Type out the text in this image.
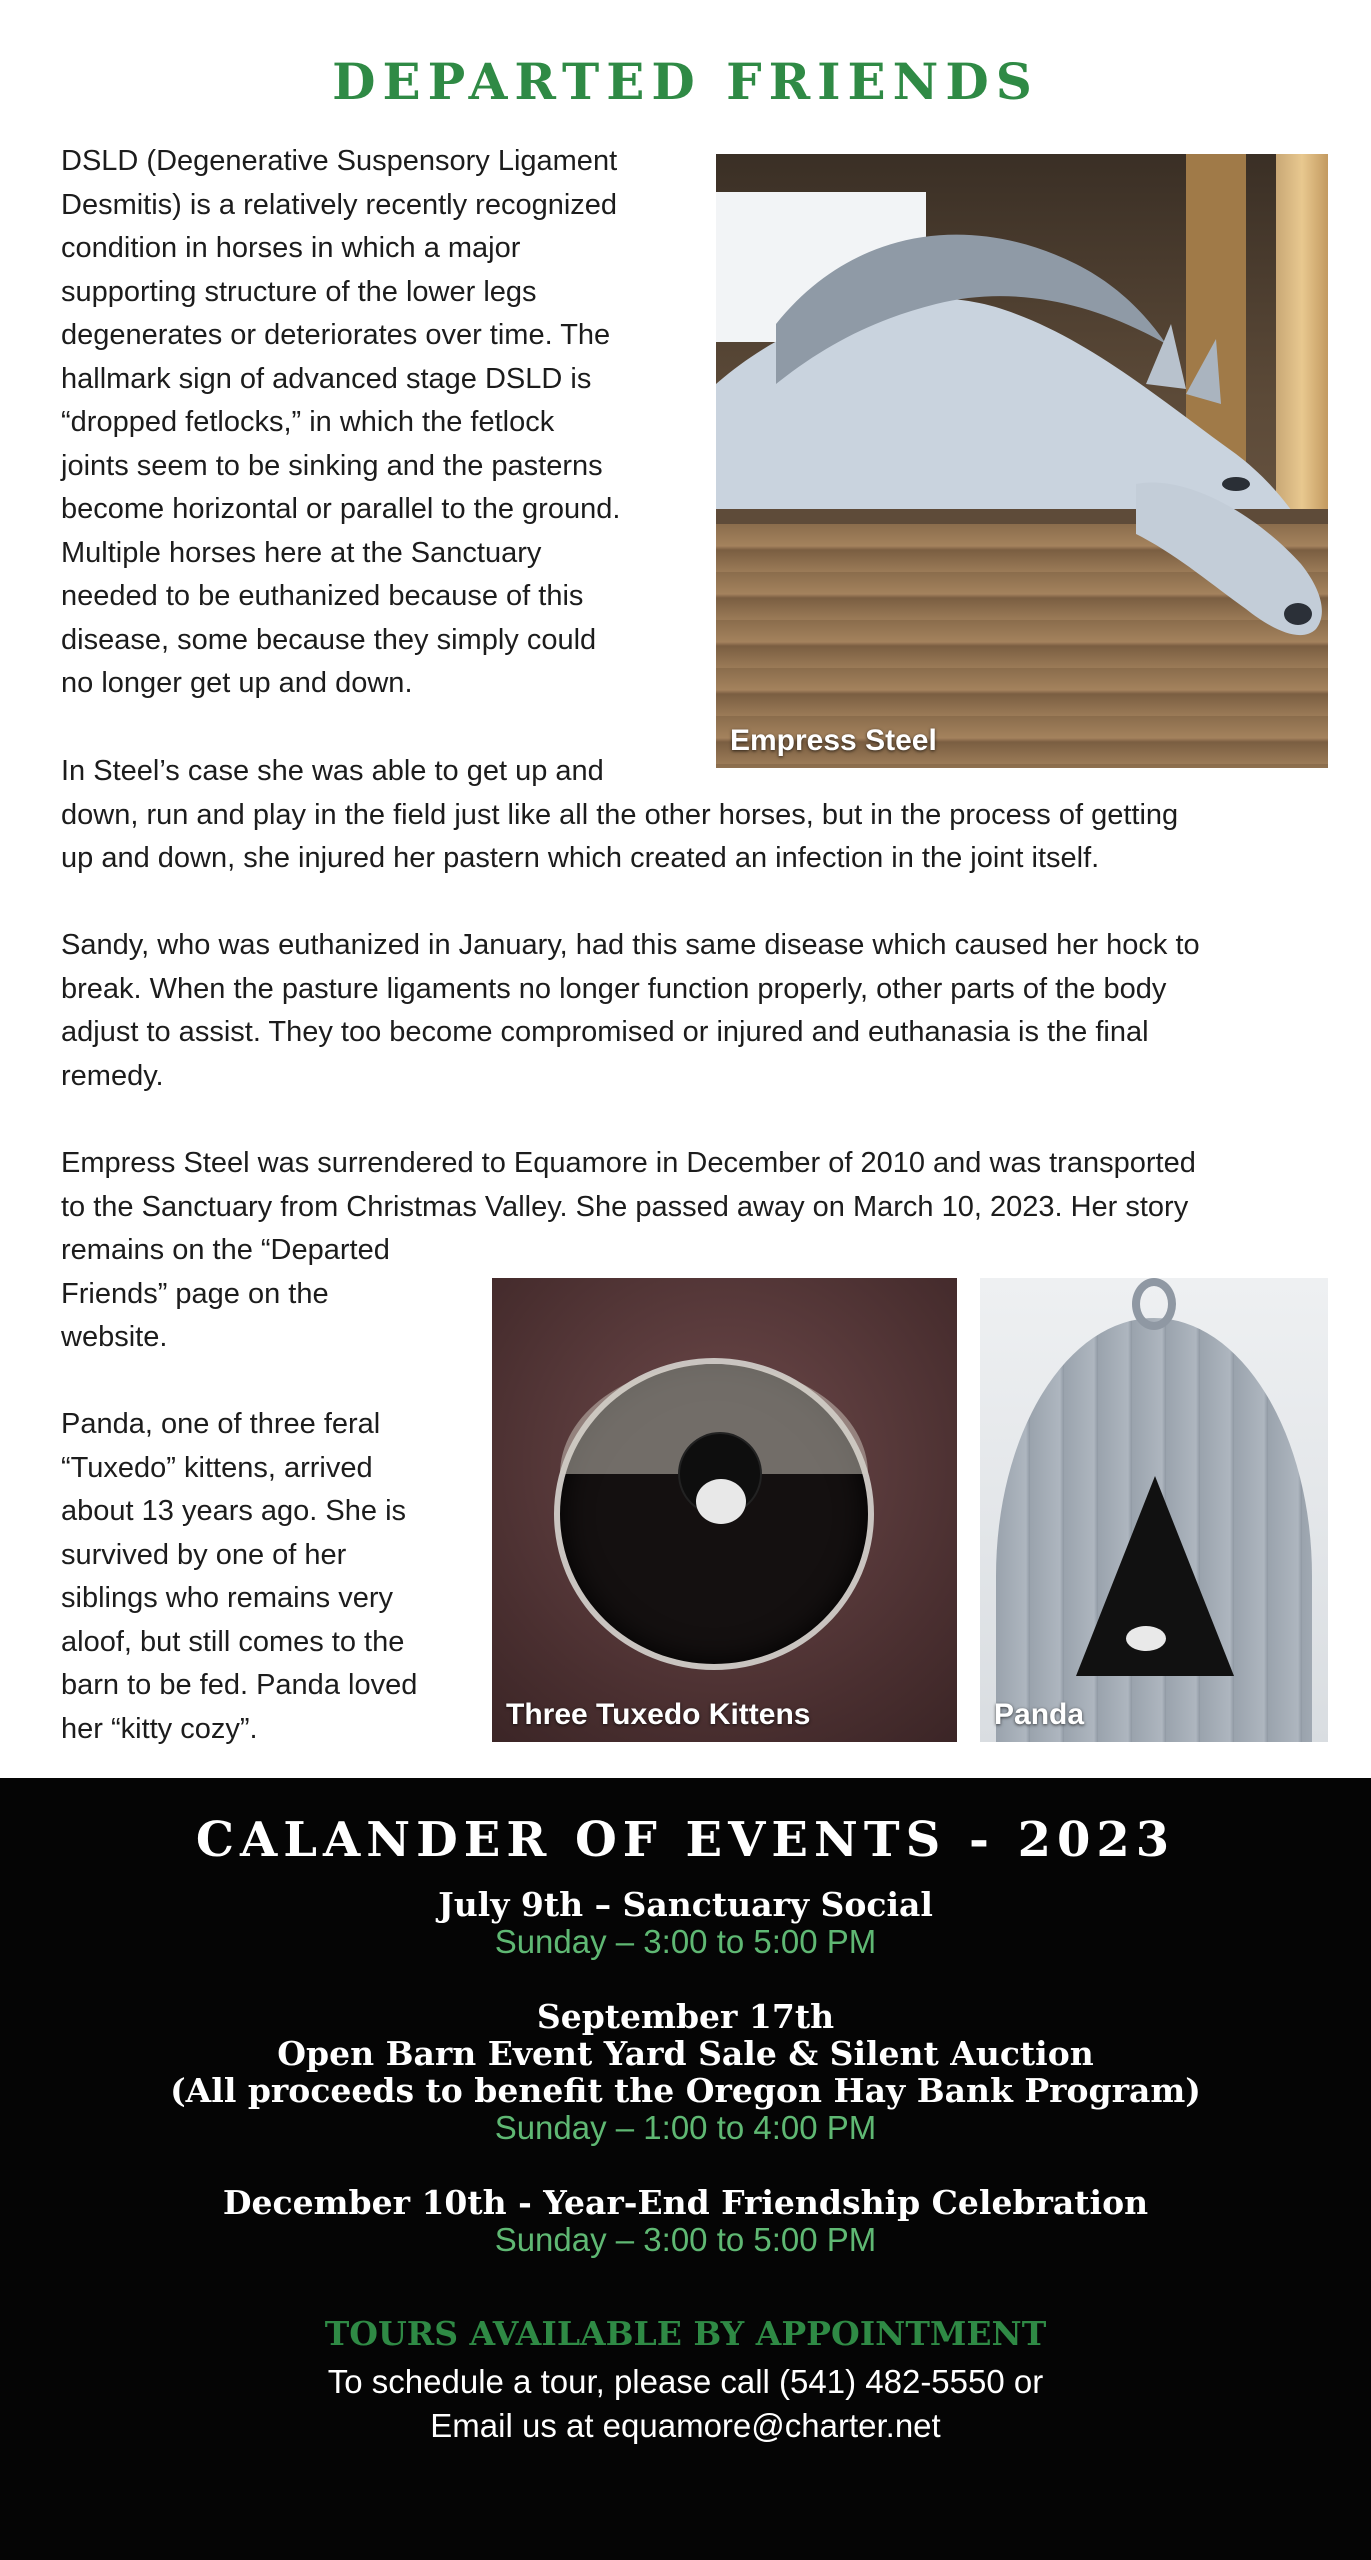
DEPARTED FRIENDS

DSLD (Degenerative Suspensory Ligament

Desmitis) is a relatively recently recognized

condition in horses in which a major

supporting structure of the lower legs

degenerates or deteriorates over time. The

hallmark sign of advanced stage DSLD is

“dropped fetlocks,” in which the fetlock

joints seem to be sinking and the pasterns

become horizontal or parallel to the ground.

Multiple horses here at the Sanctuary

needed to be euthanized because of this

disease, some because they simply could

no longer get up and down.

Empress Steel

In Steel’s case she was able to get up and

down, run and play in the field just like all the other horses, but in the process of getting

up and down, she injured her pastern which created an infection in the joint itself.

Sandy, who was euthanized in January, had this same disease which caused her hock to

break. When the pasture ligaments no longer function properly, other parts of the body

adjust to assist. They too become compromised or injured and euthanasia is the final

remedy.

Empress Steel was surrendered to Equamore in December of 2010 and was transported

to the Sanctuary from Christmas Valley. She passed away on March 10, 2023. Her story

remains on the “Departed

Friends” page on the

website.

Panda, one of three feral

“Tuxedo” kittens, arrived

about 13 years ago. She is

survived by one of her

siblings who remains very

aloof, but still comes to the

barn to be fed. Panda loved

her “kitty cozy”.	Three Tuxedo Kittens	Panda
CALANDER OF EVENTS - 2023

July 9th – Sanctuary Social

Sunday – 3:00 to 5:00 PM

September 17th

Open Barn Event Yard Sale & Silent Auction

(All proceeds to benefit the Oregon Hay Bank Program)

Sunday – 1:00 to 4:00 PM

December 10th - Year-End Friendship Celebration

Sunday – 3:00 to 5:00 PM

TOURS AVAILABLE BY APPOINTMENT

To schedule a tour, please call (541) 482-5550 or

Email us at equamore@charter.net
